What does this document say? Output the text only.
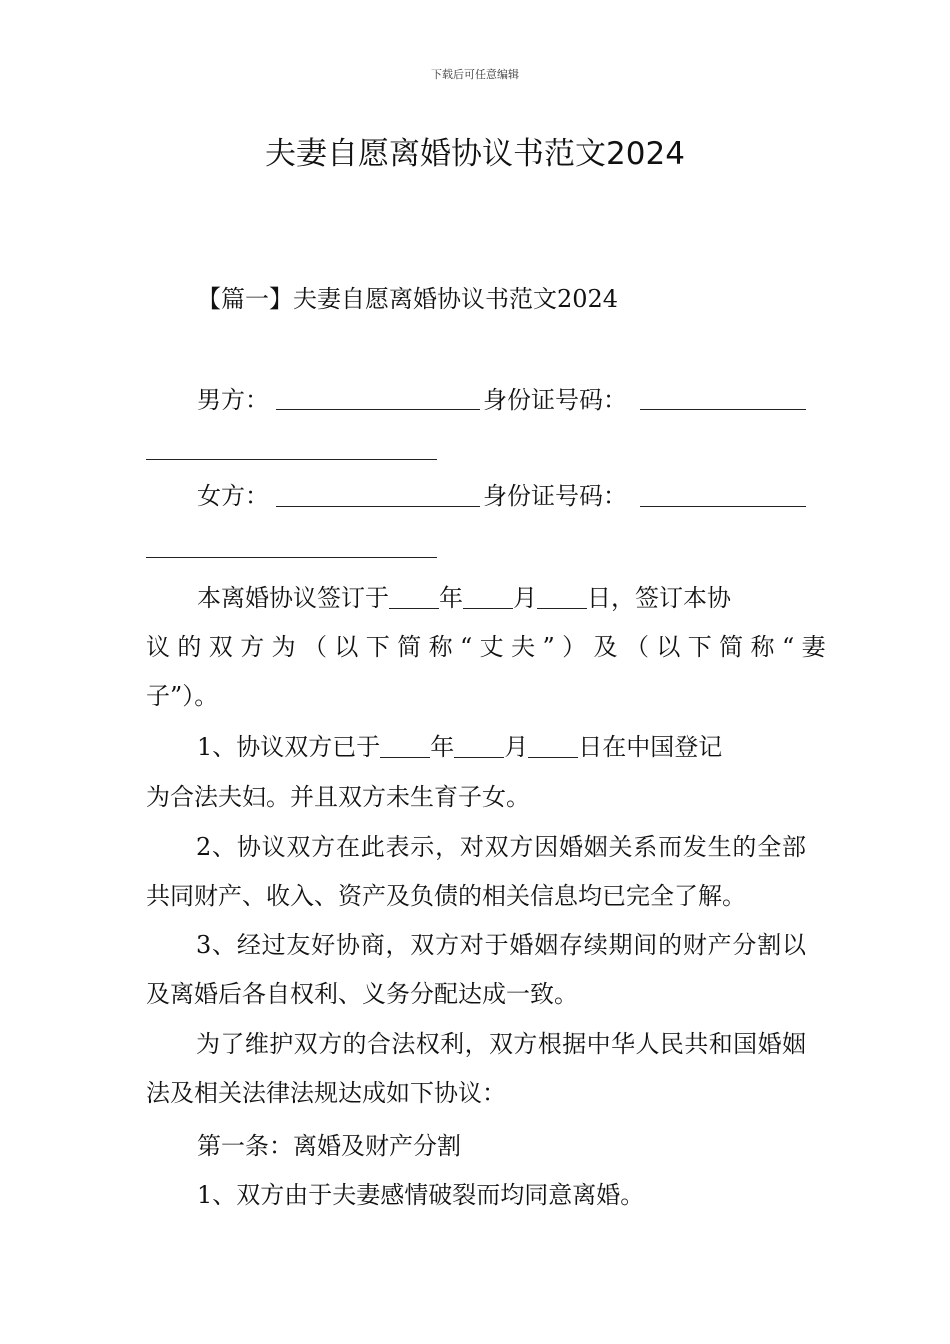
下载后可任意编辑
夫妻自愿离婚协议书范文2024

【篇一】夫妻自愿离婚协议书范文2024

男方：	身份证号码：
女方：	身份证号码：

本离婚协议签订于 年 月 日，签订本协

议的双方为（以下简称“丈夫”）及（以下简称“妻

子”）。

1、协议双方已于 年 月 日在中国登记

为合法夫妇。并且双方未生育子女。

2、协议双方在此表示，对双方因婚姻关系而发生的全部共同财产、收入、资产及负债的相关信息均已完全了解。

3、经过友好协商，双方对于婚姻存续期间的财产分割以及离婚后各自权利、义务分配达成一致。

为了维护双方的合法权利，双方根据中华人民共和国婚姻法及相关法律法规达成如下协议：

第一条：离婚及财产分割

1、双方由于夫妻感情破裂而均同意离婚。
